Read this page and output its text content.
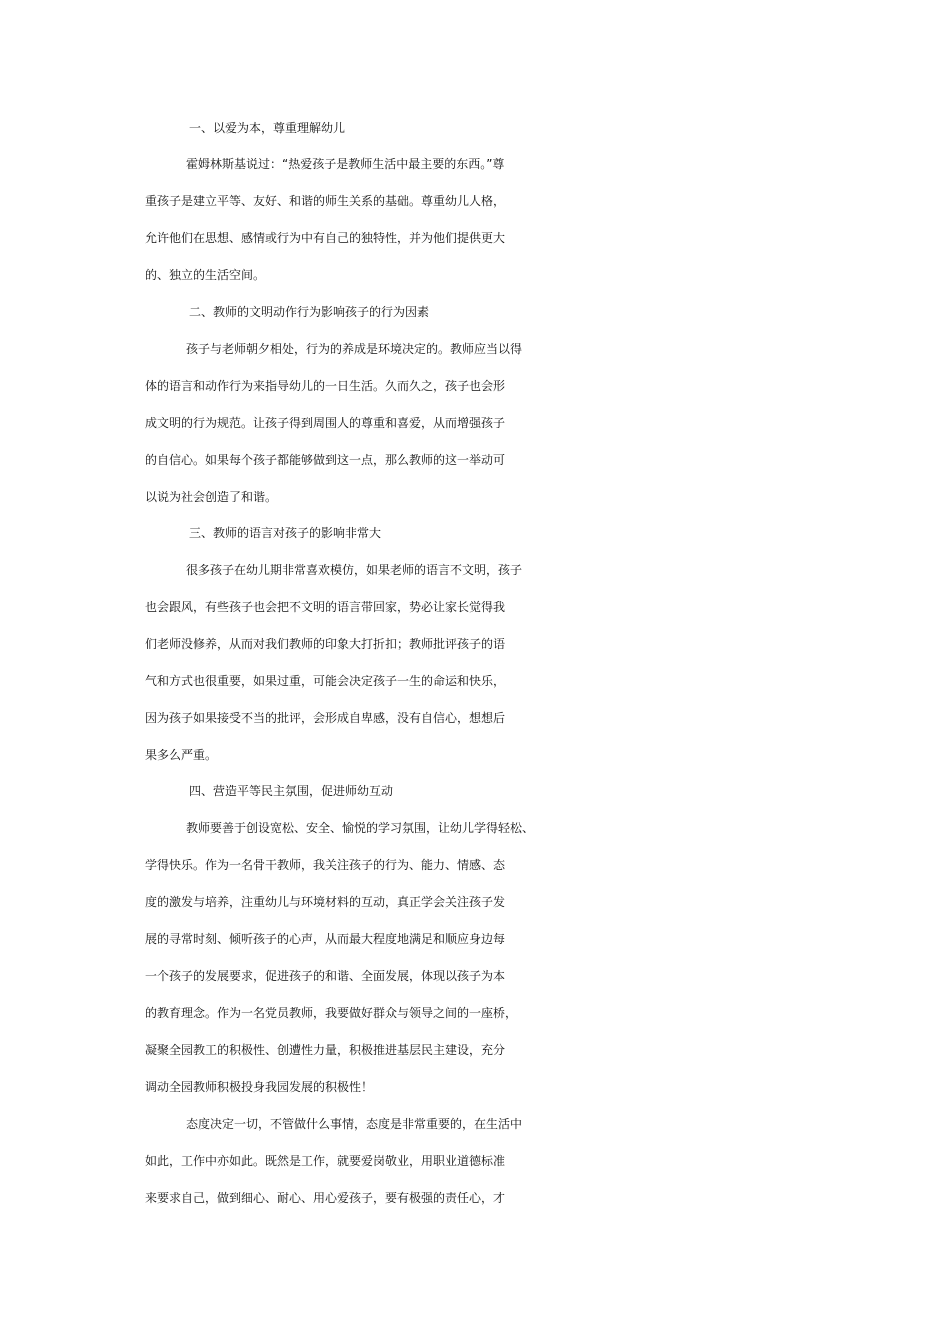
一、以爱为本，尊重理解幼儿
霍姆林斯基说过：“热爱孩子是教师生活中最主要的东西。”尊
重孩子是建立平等、友好、和谐的师生关系的基础。尊重幼儿人格，
允许他们在思想、感情或行为中有自己的独特性，并为他们提供更大
的、独立的生活空间。
二、教师的文明动作行为影响孩子的行为因素
孩子与老师朝夕相处，行为的养成是环境决定的。教师应当以得
体的语言和动作行为来指导幼儿的一日生活。久而久之，孩子也会形
成文明的行为规范。让孩子得到周围人的尊重和喜爱，从而增强孩子
的自信心。如果每个孩子都能够做到这一点，那么教师的这一举动可
以说为社会创造了和谐。
三、教师的语言对孩子的影响非常大
很多孩子在幼儿期非常喜欢模仿，如果老师的语言不文明，孩子
也会跟风，有些孩子也会把不文明的语言带回家，势必让家长觉得我
们老师没修养，从而对我们教师的印象大打折扣；教师批评孩子的语
气和方式也很重要，如果过重，可能会决定孩子一生的命运和快乐，
因为孩子如果接受不当的批评，会形成自卑感，没有自信心，想想后
果多么严重。
四、营造平等民主氛围，促进师幼互动
教师要善于创设宽松、安全、愉悦的学习氛围，让幼儿学得轻松、
学得快乐。作为一名骨干教师，我关注孩子的行为、能力、情感、态
度的激发与培养，注重幼儿与环境材料的互动，真正学会关注孩子发
展的寻常时刻、倾听孩子的心声，从而最大程度地满足和顺应身边每
一个孩子的发展要求，促进孩子的和谐、全面发展，体现以孩子为本
的教育理念。作为一名党员教师，我要做好群众与领导之间的一座桥，
凝聚全园教工的积极性、创遭性力量，积极推进基层民主建设，充分
调动全园教师积极投身我园发展的积极性！
态度决定一切，不管做什么事情，态度是非常重要的，在生活中
如此，工作中亦如此。既然是工作，就要爱岗敬业，用职业道德标准
来要求自己，做到细心、耐心、用心爱孩子，要有极强的责任心，才
